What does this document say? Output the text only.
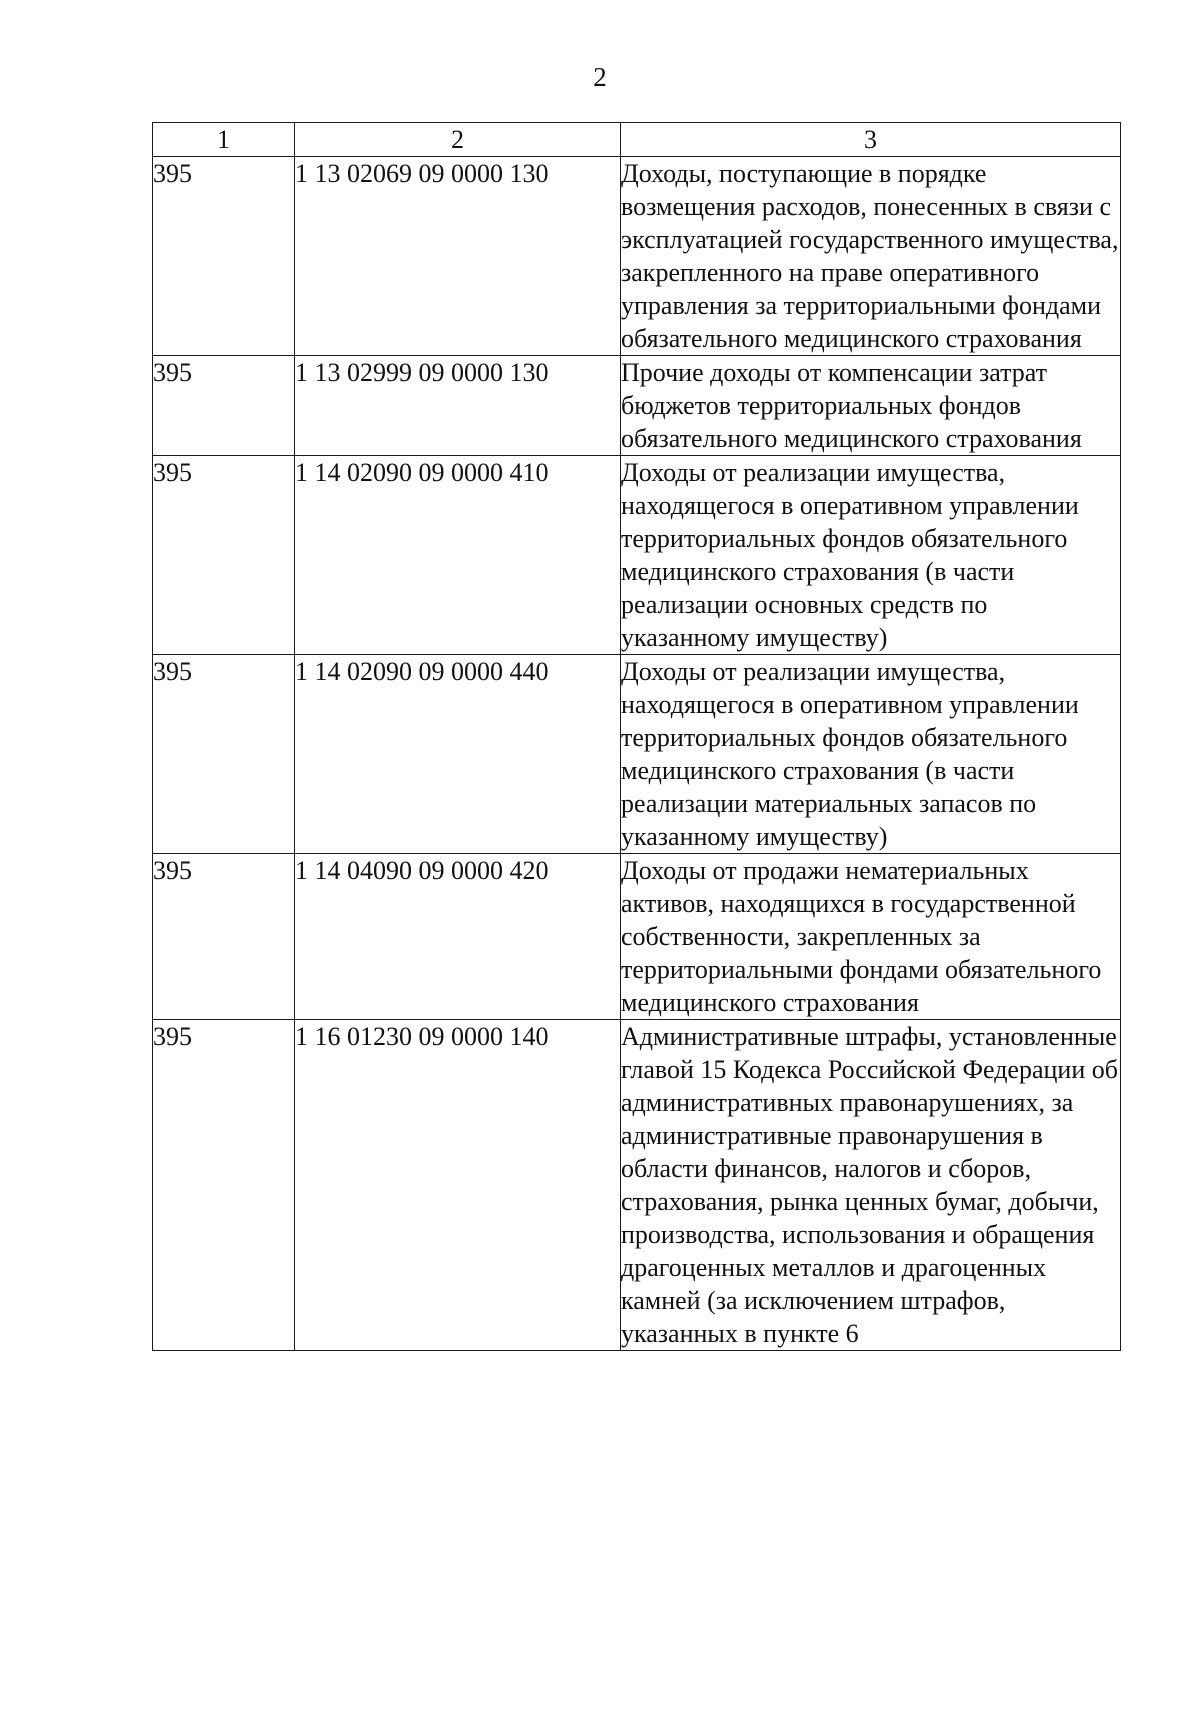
2
1	2	3
395	1 13 02069 09 0000 130	Доходы, поступающие в порядке возмещения расходов, понесенных в связи с эксплуатацией государственного имущества, закрепленного на праве оперативного управления за территориальными фондами обязательного медицинского страхования
395	1 13 02999 09 0000 130	Прочие доходы от компенсации затрат бюджетов территориальных фондов обязательного медицинского страхования
395	1 14 02090 09 0000 410	Доходы от реализации имущества, находящегося в оперативном управлении территориальных фондов обязательного медицинского страхования (в части реализации основных средств по указанному имуществу)
395	1 14 02090 09 0000 440	Доходы от реализации имущества, находящегося в оперативном управлении территориальных фондов обязательного медицинского страхования (в части реализации материальных запасов по указанному имуществу)
395	1 14 04090 09 0000 420	Доходы от продажи нематериальных активов, находящихся в государственной собственности, закрепленных за территориальными фондами обязательного медицинского страхования
395	1 16 01230 09 0000 140	Административные штрафы, установленные главой 15 Кодекса Российской Федерации об административных правонарушениях, за административные правонарушения в области финансов, налогов и сборов, страхования, рынка ценных бумаг, добычи, производства, использования и обращения драгоценных металлов и драгоценных камней (за исключением штрафов, указанных в пункте 6
